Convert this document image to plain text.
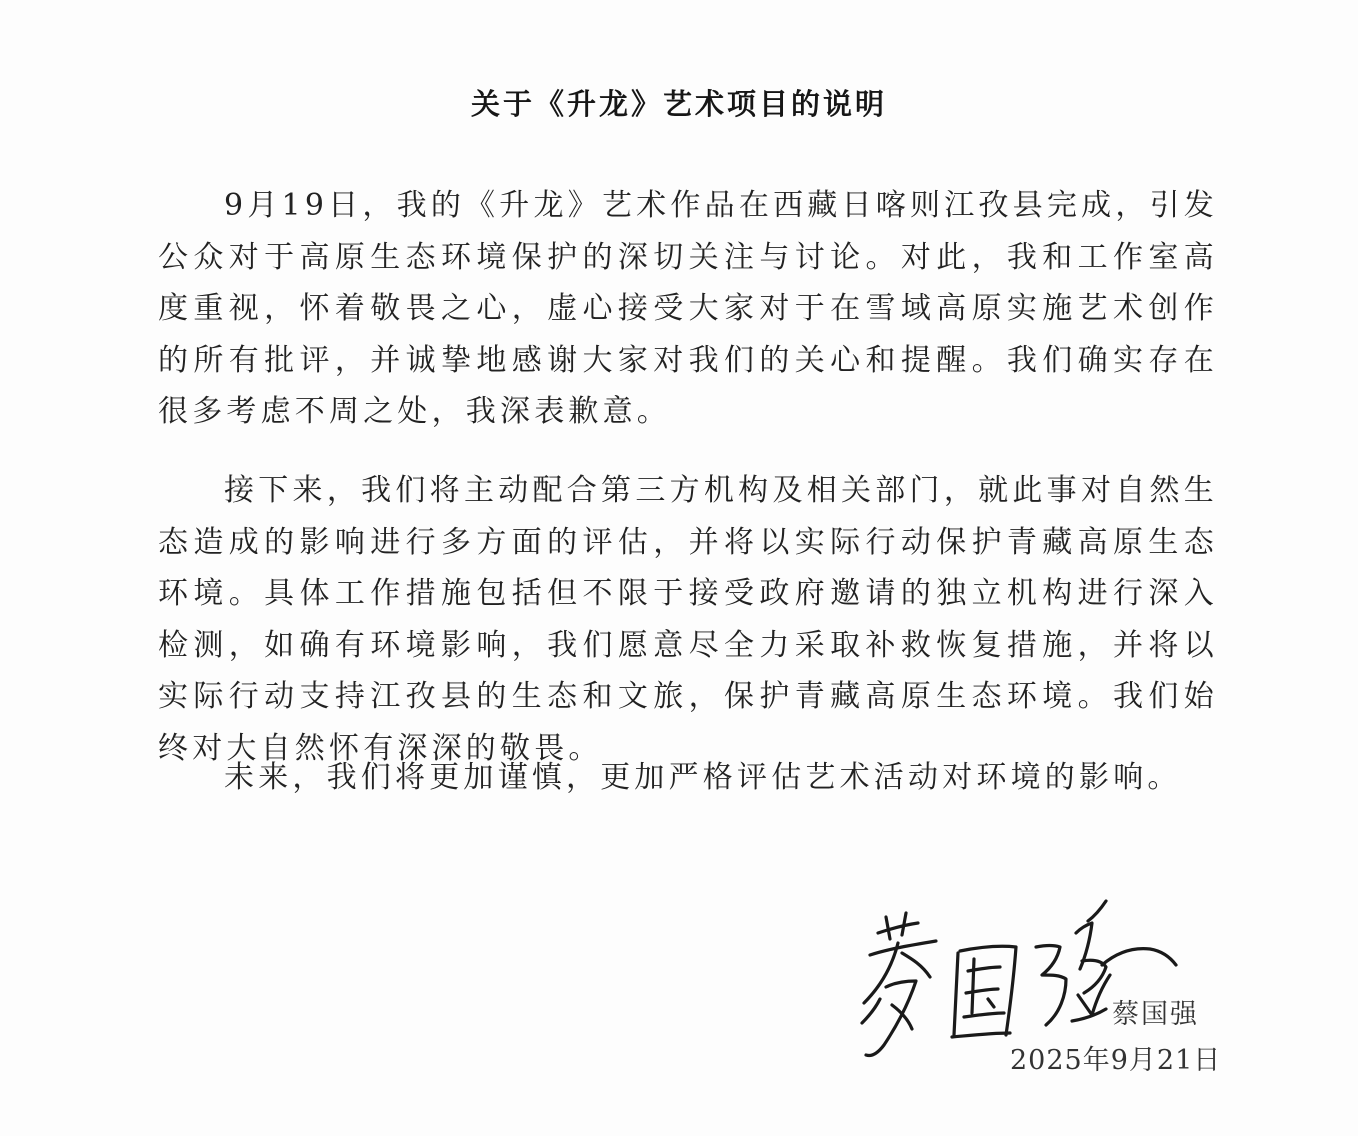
关于《升龙》艺术项目的说明

9月19日，我的《升龙》艺术作品在西藏日喀则江孜县完成，引发公众对于高原生态环境保护的深切关注与讨论。对此，我和工作室高度重视，怀着敬畏之心，虚心接受大家对于在雪域高原实施艺术创作的所有批评，并诚挚地感谢大家对我们的关心和提醒。我们确实存在很多考虑不周之处，我深表歉意。

接下来，我们将主动配合第三方机构及相关部门，就此事对自然生态造成的影响进行多方面的评估，并将以实际行动保护青藏高原生态环境。具体工作措施包括但不限于接受政府邀请的独立机构进行深入检测，如确有环境影响，我们愿意尽全力采取补救恢复措施，并将以实际行动支持江孜县的生态和文旅，保护青藏高原生态环境。我们始终对大自然怀有深深的敬畏。

未来，我们将更加谨慎，更加严格评估艺术活动对环境的影响。

蔡国强
2025年9月21日
